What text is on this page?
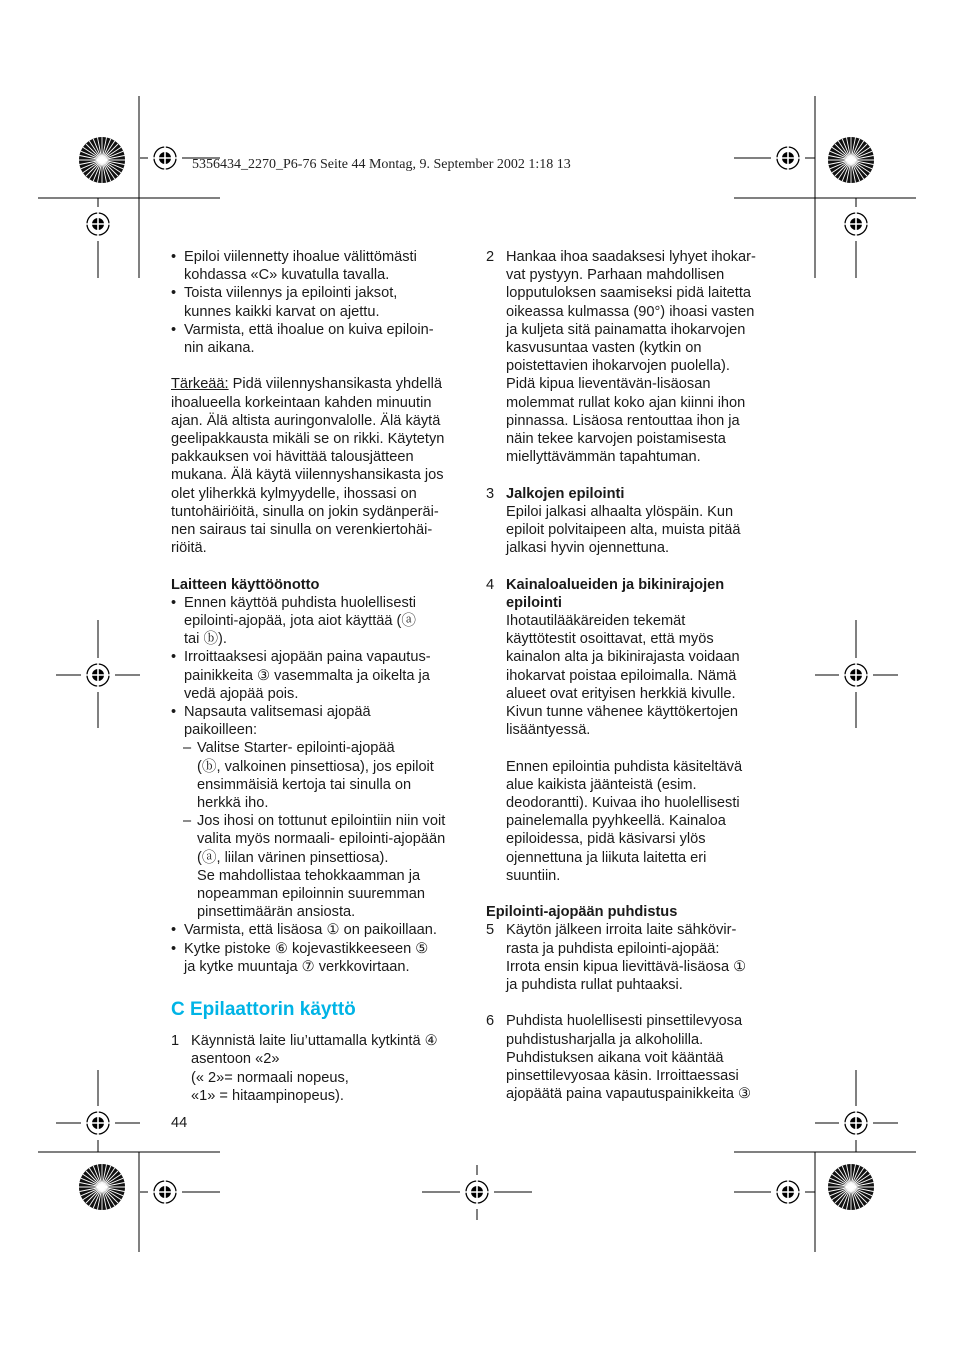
5356434_2270_P6-76 Seite 44 Montag, 9. September 2002 1:18 13
• Epiloi viilennetty ihoalue välittömästi
kohdassa «C» kuvatulla tavalla.
• Toista viilennys ja epilointi jaksot,
kunnes kaikki karvat on ajettu.
• Varmista, että ihoalue on kuiva epiloin-
nin aikana.
Tärkeää: Pidä viilennyshansikasta yhdellä
ihoalueella korkeintaan kahden minuutin
ajan. Älä altista auringonvalolle. Älä käytä
geelipakkausta mikäli se on rikki. Käytetyn
pakkauksen voi hävittää talousjätteen
mukana. Älä käytä viilennyshansikasta jos
olet yliherkkä kylmyydelle, ihossasi on
tuntohäiriöitä, sinulla on jokin sydänperäi-
nen sairaus tai sinulla on verenkiertohäi-
riöitä.
Laitteen käyttöönotto
• Ennen käyttöä puhdista huolellisesti
epilointi-ajopää, jota aiot käyttää (ⓐ
tai ⓑ).
• Irroittaaksesi ajopään paina vapautus-
painikkeita ③ vasemmalta ja oikelta ja
vedä ajopää pois.
• Napsauta valitsemasi ajopää
paikoilleen:
– Valitse Starter- epilointi-ajopää
(ⓑ, valkoinen pinsettiosa), jos epiloit
ensimmäisiä kertoja tai sinulla on
herkkä iho.
– Jos ihosi on tottunut epilointiin niin voit
valita myös normaali- epilointi-ajopään
(ⓐ, liilan värinen pinsettiosa).
Se mahdollistaa tehokkaamman ja
nopeamman epiloinnin suuremman
pinsettimäärän ansiosta.
• Varmista, että lisäosa ① on paikoillaan.
• Kytke pistoke ⑥ kojevastikkeeseen ⑤
ja kytke muuntaja ⑦ verkkovirtaan.
C Epilaattorin käyttö
1 Käynnistä laite liu’uttamalla kytkintä ④
asentoon «2»
(« 2»= normaali nopeus,
«1» = hitaampinopeus).
44
2 Hankaa ihoa saadaksesi lyhyet ihokar-
vat pystyyn. Parhaan mahdollisen
lopputuloksen saamiseksi pidä laitetta
oikeassa kulmassa (90°) ihoasi vasten
ja kuljeta sitä painamatta ihokarvojen
kasvusuntaa vasten (kytkin on
poistettavien ihokarvojen puolella).
Pidä kipua lieventävän-lisäosan
molemmat rullat koko ajan kiinni ihon
pinnassa. Lisäosa rentouttaa ihon ja
näin tekee karvojen poistamisesta
miellyttävämmän tapahtuman.
3 Jalkojen epilointi
Epiloi jalkasi alhaalta ylöspäin. Kun
epiloit polvitaipeen alta, muista pitää
jalkasi hyvin ojennettuna.
4 Kainaloalueiden ja bikinirajojen
epilointi
Ihotautilääkäreiden tekemät
käyttötestit osoittavat, että myös
kainalon alta ja bikinirajasta voidaan
ihokarvat poistaa epiloimalla. Nämä
alueet ovat erityisen herkkiä kivulle.
Kivun tunne vähenee käyttökertojen
lisääntyessä.
Ennen epilointia puhdista käsiteltävä
alue kaikista jäänteistä (esim.
deodorantti). Kuivaa iho huolellisesti
painelemalla pyyhkeellä. Kainaloa
epiloidessa, pidä käsivarsi ylös
ojennettuna ja liikuta laitetta eri
suuntiin.
Epilointi-ajopään puhdistus
5 Käytön jälkeen irroita laite sähkövir-
rasta ja puhdista epilointi-ajopää:
Irrota ensin kipua lievittävä-lisäosa ①
ja puhdista rullat puhtaaksi.
6 Puhdista huolellisesti pinsettilevyosa
puhdistusharjalla ja alkoholilla.
Puhdistuksen aikana voit kääntää
pinsettilevyosaa käsin. Irroittaessasi
ajopäätä paina vapautuspainikkeita ③
